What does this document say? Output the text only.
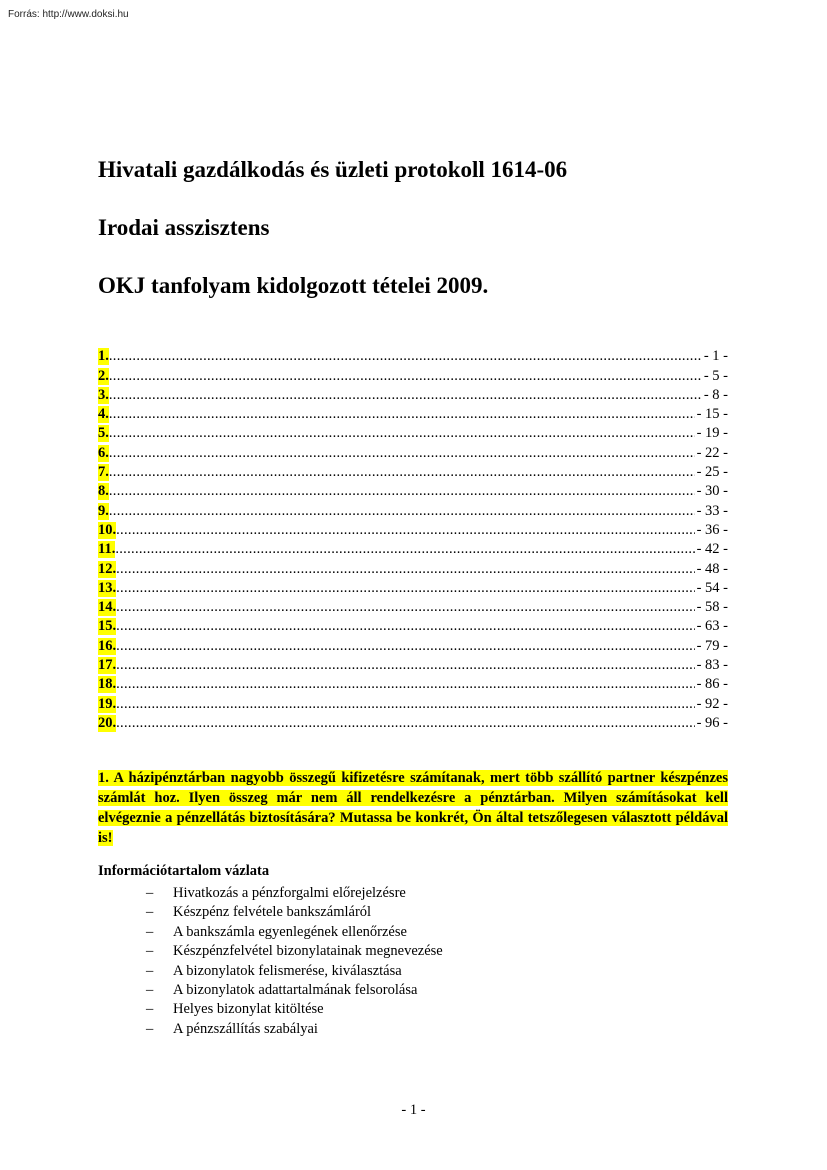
Forrás: http://www.doksi.hu
Hivatali gazdálkodás és üzleti protokoll 1614-06
Irodai asszisztens
OKJ tanfolyam kidolgozott tételei 2009.
1. .....	- 1 -
2. .....	- 5 -
3. .....	- 8 -
4. .....	- 15 -
5. .....	- 19 -
6. .....	- 22 -
7. .....	- 25 -
8. .....	- 30 -
9. .....	- 33 -
10. .....	- 36 -
11. .....	- 42 -
12. .....	- 48 -
13. .....	- 54 -
14. .....	- 58 -
15. .....	- 63 -
16. .....	- 79 -
17. .....	- 83 -
18. .....	- 86 -
19. .....	- 92 -
20. .....	- 96 -
1. A házipénztárban nagyobb összegű kifizetésre számítanak, mert több szállító partner készpénzes számlát hoz. Ilyen összeg már nem áll rendelkezésre a pénztárban. Milyen számításokat kell elvégeznie a pénzellátás biztosítására? Mutassa be konkrét, Ön által tetszőlegesen választott példával is!
Információtartalom vázlata
– Hivatkozás a pénzforgalmi előrejelzésre
– Készpénz felvétele bankszámláról
– A bankszámla egyenlegének ellenőrzése
– Készpénzfelvétel bizonylatainak megnevezése
– A bizonylatok felismerése, kiválasztása
– A bizonylatok adattartalmának felsorolása
– Helyes bizonylat kitöltése
– A pénzszállítás szabályai
- 1 -
